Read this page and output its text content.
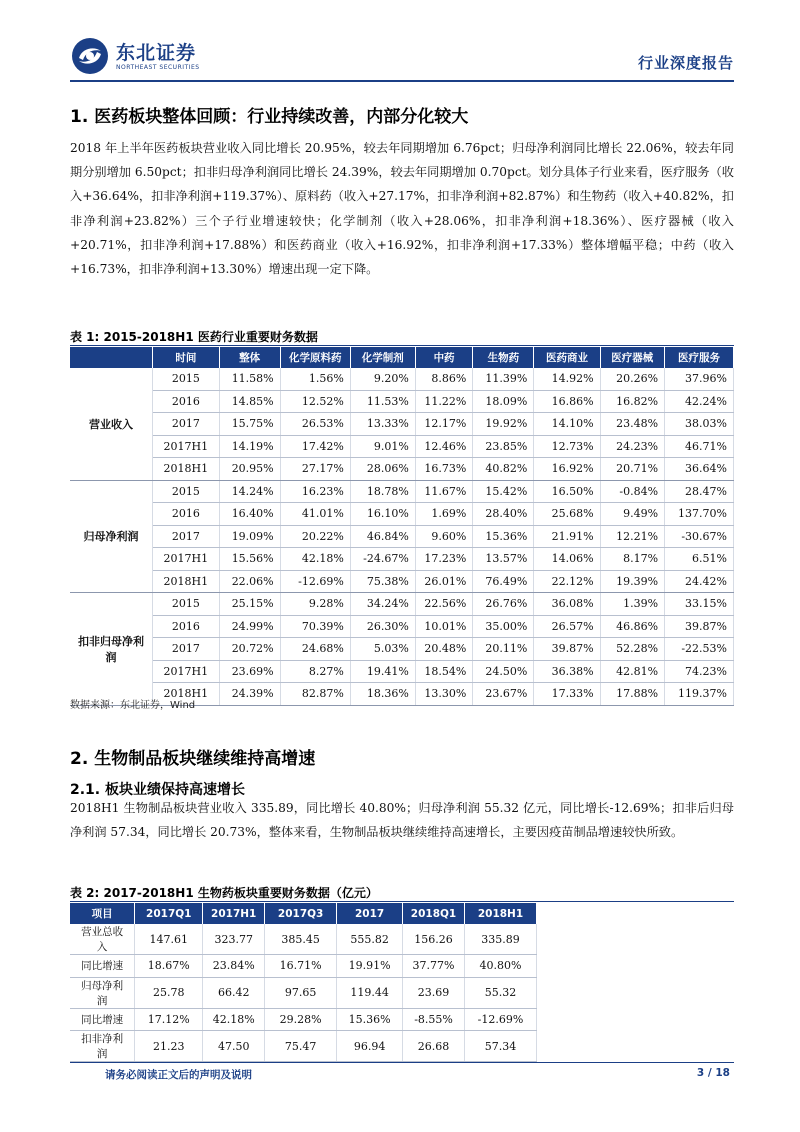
东北证券
NORTHEAST SECURITIES	行业深度报告
1. 医药板块整体回顾：行业持续改善，内部分化较大
2018 年上半年医药板块营业收入同比增长 20.95%，较去年同期增加 6.76pct；归母净利润同比增长 22.06%，较去年同期分别增加 6.50pct；扣非归母净利润同比增长 24.39%，较去年同期增加 0.70pct。划分具体子行业来看，医疗服务（收入+36.64%，扣非净利润+119.37%）、原料药（收入+27.17%，扣非净利润+82.87%）和生物药（收入+40.82%，扣非净利润+23.82%）三个子行业增速较快；化学制剂（收入+28.06%，扣非净利润+18.36%）、医疗器械（收入+20.71%，扣非净利润+17.88%）和医药商业（收入+16.92%，扣非净利润+17.33%）整体增幅平稳；中药（收入+16.73%，扣非净利润+13.30%）增速出现一定下降。
表 1: 2015-2018H1 医药行业重要财务数据
	时间	整体	化学原料药	化学制剂	中药	生物药	医药商业	医疗器械	医疗服务
营业收入	2015	11.58%	1.56%	9.20%	8.86%	11.39%	14.92%	20.26%	37.96%
	2016	14.85%	12.52%	11.53%	11.22%	18.09%	16.86%	16.82%	42.24%
	2017	15.75%	26.53%	13.33%	12.17%	19.92%	14.10%	23.48%	38.03%
	2017H1	14.19%	17.42%	9.01%	12.46%	23.85%	12.73%	24.23%	46.71%
	2018H1	20.95%	27.17%	28.06%	16.73%	40.82%	16.92%	20.71%	36.64%
归母净利润	2015	14.24%	16.23%	18.78%	11.67%	15.42%	16.50%	-0.84%	28.47%
	2016	16.40%	41.01%	16.10%	1.69%	28.40%	25.68%	9.49%	137.70%
	2017	19.09%	20.22%	46.84%	9.60%	15.36%	21.91%	12.21%	-30.67%
	2017H1	15.56%	42.18%	-24.67%	17.23%	13.57%	14.06%	8.17%	6.51%
	2018H1	22.06%	-12.69%	75.38%	26.01%	76.49%	22.12%	19.39%	24.42%
扣非归母净利润	2015	25.15%	9.28%	34.24%	22.56%	26.76%	36.08%	1.39%	33.15%
	2016	24.99%	70.39%	26.30%	10.01%	35.00%	26.57%	46.86%	39.87%
	2017	20.72%	24.68%	5.03%	20.48%	20.11%	39.87%	52.28%	-22.53%
	2017H1	23.69%	8.27%	19.41%	18.54%	24.50%	36.38%	42.81%	74.23%
	2018H1	24.39%	82.87%	18.36%	13.30%	23.67%	17.33%	17.88%	119.37%
数据来源：东北证券，Wind
2. 生物制品板块继续维持高增速
2.1. 板块业绩保持高速增长
2018H1 生物制品板块营业收入 335.89，同比增长 40.80%；归母净利润 55.32 亿元，同比增长-12.69%；扣非后归母净利润 57.34，同比增长 20.73%，整体来看，生物制品板块继续维持高速增长，主要因疫苗制品增速较快所致。
表 2: 2017-2018H1 生物药板块重要财务数据（亿元）
项目	2017Q1	2017H1	2017Q3	2017	2018Q1	2018H1
营业总收入	147.61	323.77	385.45	555.82	156.26	335.89
同比增速	18.67%	23.84%	16.71%	19.91%	37.77%	40.80%
归母净利润	25.78	66.42	97.65	119.44	23.69	55.32
同比增速	17.12%	42.18%	29.28%	15.36%	-8.55%	-12.69%
扣非净利润	21.23	47.50	75.47	96.94	26.68	57.34
请务必阅读正文后的声明及说明	3 / 18
